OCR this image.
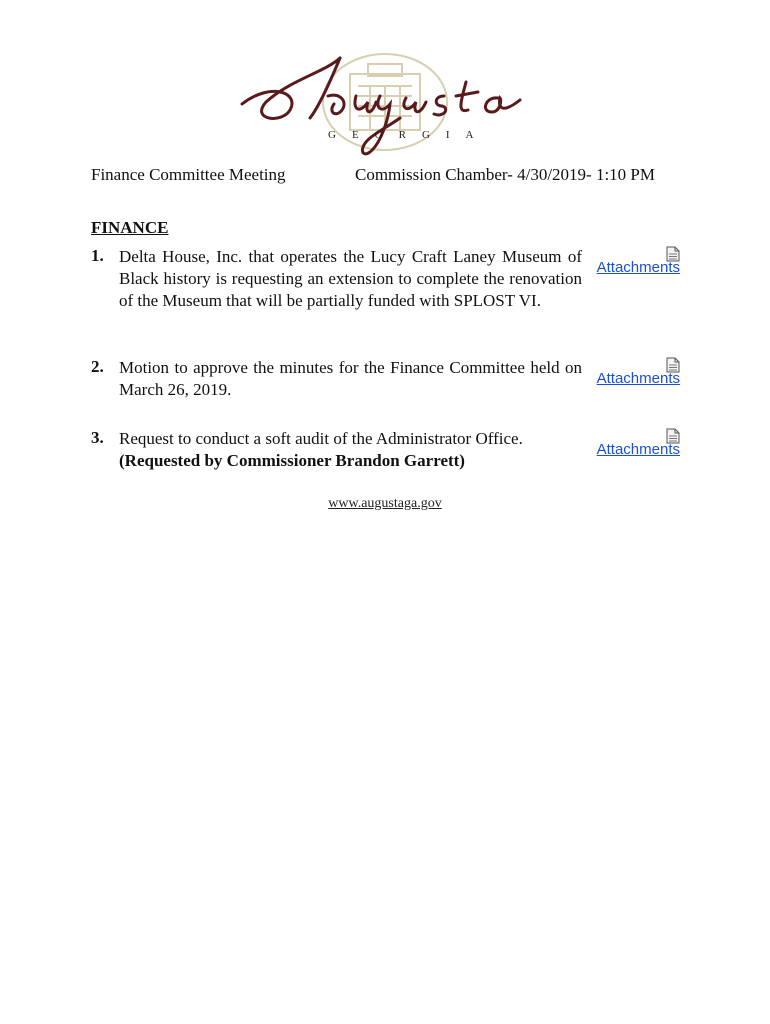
GEORGIA
Finance Committee Meeting	Commission Chamber- 4/30/2019- 1:10 PM
FINANCE
1. Delta House, Inc. that operates the Lucy Craft Laney Museum of Black history is requesting an extension to complete the renovation of the Museum that will be partially funded with SPLOST VI.
Attachments
2. Motion to approve the minutes for the Finance Committee held on March 26, 2019.
Attachments
3. Request to conduct a soft audit of the Administrator Office.
(Requested by Commissioner Brandon Garrett)
Attachments
www.augustaga.gov
